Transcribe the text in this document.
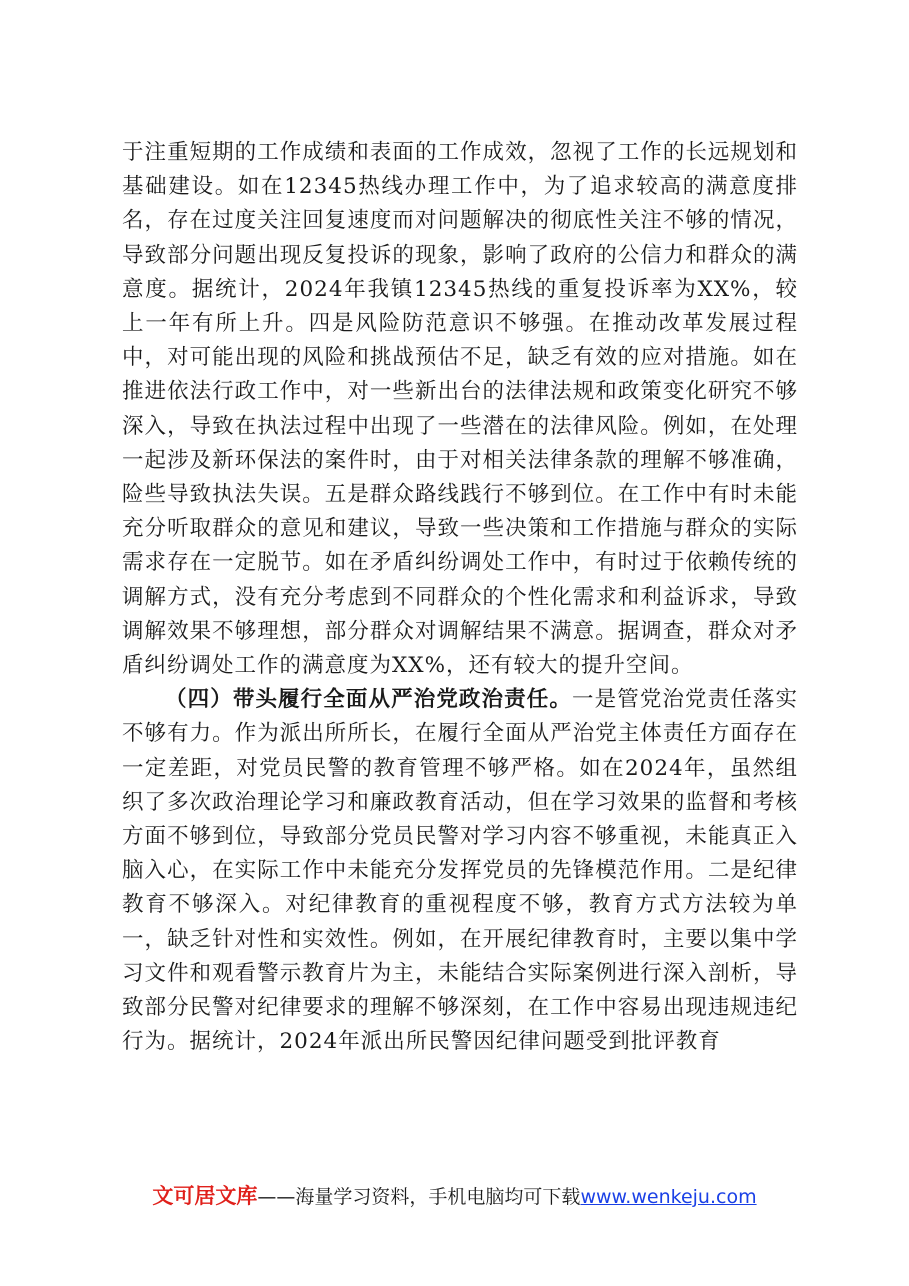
于注重短期的工作成绩和表面的工作成效，忽视了工作的长远规划和基础建设。如在12345热线办理工作中，为了追求较高的满意度排名，存在过度关注回复速度而对问题解决的彻底性关注不够的情况，导致部分问题出现反复投诉的现象，影响了政府的公信力和群众的满意度。据统计，2024年我镇12345热线的重复投诉率为XX%，较上一年有所上升。四是风险防范意识不够强。在推动改革发展过程中，对可能出现的风险和挑战预估不足，缺乏有效的应对措施。如在推进依法行政工作中，对一些新出台的法律法规和政策变化研究不够深入，导致在执法过程中出现了一些潜在的法律风险。例如，在处理一起涉及新环保法的案件时，由于对相关法律条款的理解不够准确，险些导致执法失误。五是群众路线践行不够到位。在工作中有时未能充分听取群众的意见和建议，导致一些决策和工作措施与群众的实际需求存在一定脱节。如在矛盾纠纷调处工作中，有时过于依赖传统的调解方式，没有充分考虑到不同群众的个性化需求和利益诉求，导致调解效果不够理想，部分群众对调解结果不满意。据调查，群众对矛盾纠纷调处工作的满意度为XX%，还有较大的提升空间。

（四）带头履行全面从严治党政治责任。一是管党治党责任落实不够有力。作为派出所所长，在履行全面从严治党主体责任方面存在一定差距，对党员民警的教育管理不够严格。如在2024年，虽然组织了多次政治理论学习和廉政教育活动，但在学习效果的监督和考核方面不够到位，导致部分党员民警对学习内容不够重视，未能真正入脑入心，在实际工作中未能充分发挥党员的先锋模范作用。二是纪律教育不够深入。对纪律教育的重视程度不够，教育方式方法较为单一，缺乏针对性和实效性。例如，在开展纪律教育时，主要以集中学习文件和观看警示教育片为主，未能结合实际案例进行深入剖析，导致部分民警对纪律要求的理解不够深刻，在工作中容易出现违规违纪行为。据统计，2024年派出所民警因纪律问题受到批评教育

文可居文库——海量学习资料，手机电脑均可下载www.wenkeju.com
